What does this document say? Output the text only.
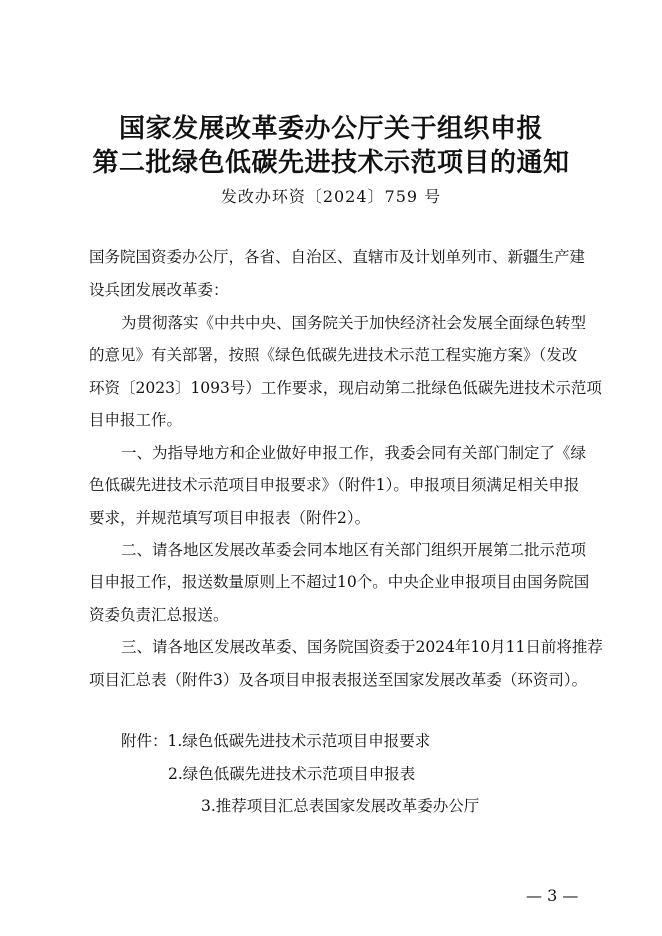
国家发展改革委办公厅关于组织申报
第二批绿色低碳先进技术示范项目的通知
发改办环资〔2024〕759 号
国务院国资委办公厅，各省、自治区、直辖市及计划单列市、新疆生产建
设兵团发展改革委：
为贯彻落实《中共中央、国务院关于加快经济社会发展全面绿色转型
的意见》有关部署，按照《绿色低碳先进技术示范工程实施方案》（发改
环资〔2023〕1093号）工作要求，现启动第二批绿色低碳先进技术示范项
目申报工作。
一、为指导地方和企业做好申报工作，我委会同有关部门制定了《绿
色低碳先进技术示范项目申报要求》（附件1）。申报项目须满足相关申报
要求，并规范填写项目申报表（附件2）。
二、请各地区发展改革委会同本地区有关部门组织开展第二批示范项
目申报工作，报送数量原则上不超过10个。中央企业申报项目由国务院国
资委负责汇总报送。
三、请各地区发展改革委、国务院国资委于2024年10月11日前将推荐
项目汇总表（附件3）及各项目申报表报送至国家发展改革委（环资司）。
附件：1.绿色低碳先进技术示范项目申报要求
2.绿色低碳先进技术示范项目申报表
3.推荐项目汇总表国家发展改革委办公厅
— 3 —
